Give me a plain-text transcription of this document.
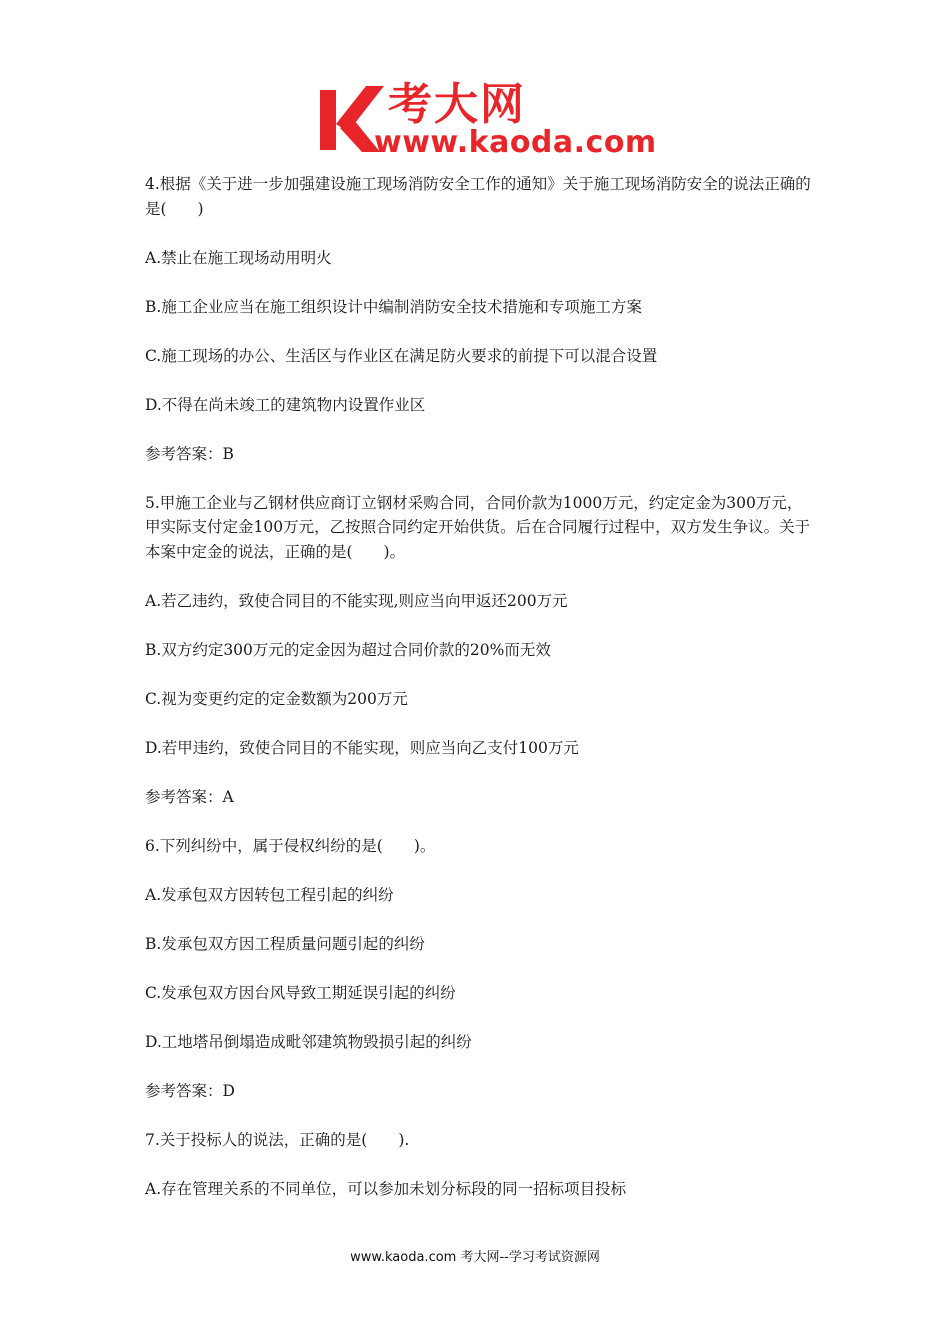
考大网
www.kaoda.com

4.根据《关于进一步加强建设施工现场消防安全工作的通知》关于施工现场消防安全的说法正确的是(　　)

A.禁止在施工现场动用明火

B.施工企业应当在施工组织设计中编制消防安全技术措施和专项施工方案

C.施工现场的办公、生活区与作业区在满足防火要求的前提下可以混合设置

D.不得在尚未竣工的建筑物内设置作业区

参考答案：B

5.甲施工企业与乙钢材供应商订立钢材采购合同，合同价款为1000万元，约定定金为300万元，甲实际支付定金100万元，乙按照合同约定开始供货。后在合同履行过程中，双方发生争议。关于本案中定金的说法，正确的是(　　)。

A.若乙违约，致使合同目的不能实现,则应当向甲返还200万元

B.双方约定300万元的定金因为超过合同价款的20%而无效

C.视为变更约定的定金数额为200万元

D.若甲违约，致使合同目的不能实现，则应当向乙支付100万元

参考答案：A

6.下列纠纷中，属于侵权纠纷的是(　　)。

A.发承包双方因转包工程引起的纠纷

B.发承包双方因工程质量问题引起的纠纷

C.发承包双方因台风导致工期延误引起的纠纷

D.工地塔吊倒塌造成毗邻建筑物毁损引起的纠纷

参考答案：D

7.关于投标人的说法，正确的是(　　).

A.存在管理关系的不同单位，可以参加未划分标段的同一招标项目投标

www.kaoda.com 考大网--学习考试资源网
